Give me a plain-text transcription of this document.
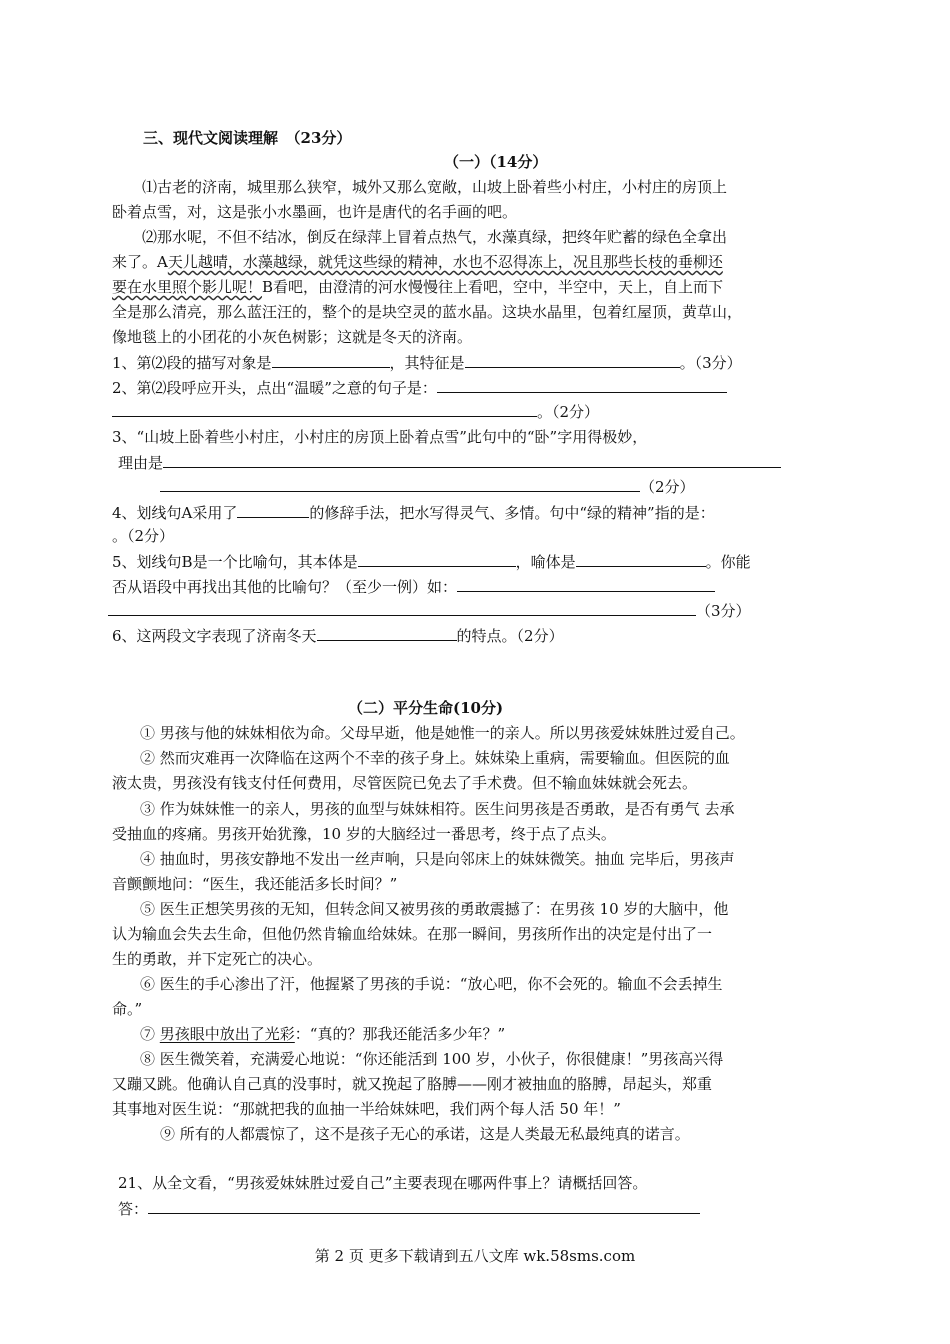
三、现代文阅读理解　（23分）
（一）（14分）
⑴古老的济南，城里那么狭窄，城外又那么宽敞，山坡上卧着些小村庄，小村庄的房顶上
卧着点雪，对，这是张小水墨画，也许是唐代的名手画的吧。
⑵那水呢，不但不结冰，倒反在绿萍上冒着点热气，水藻真绿，把终年贮蓄的绿色全拿出
来了。A天儿越晴，水藻越绿，就凭这些绿的精神，水也不忍得冻上，况且那些长枝的垂柳还
要在水里照个影儿呢！B看吧，由澄清的河水慢慢往上看吧，空中，半空中，天上，自上而下
全是那么清亮，那么蓝汪汪的，整个的是块空灵的蓝水晶。这块水晶里，包着红屋顶，黄草山，
像地毯上的小团花的小灰色树影；这就是冬天的济南。
1、第⑵段的描写对象是	，其特征是	。（3分）
2、第⑵段呼应开头，点出“温暖”之意的句子是：
。（2分）
3、“山坡上卧着些小村庄，小村庄的房顶上卧着点雪”此句中的“卧”字用得极妙，
理由是
（2分）
4、划线句A采用了	的修辞手法，把水写得灵气、多情。句中“绿的精神”指的是：
。（2分）
5、划线句B是一个比喻句，其本体是	，喻体是	。你能
否从语段中再找出其他的比喻句？（至少一例）如：
（3分）
6、这两段文字表现了济南冬天	的特点。（2分）
（二）平分生命(10分)
① 男孩与他的妹妹相依为命。父母早逝，他是她惟一的亲人。所以男孩爱妹妹胜过爱自己。
② 然而灾难再一次降临在这两个不幸的孩子身上。妹妹染上重病，需要输血。但医院的血
液太贵，男孩没有钱支付任何费用，尽管医院已免去了手术费。但不输血妹妹就会死去。
③ 作为妹妹惟一的亲人，男孩的血型与妹妹相符。医生问男孩是否勇敢，是否有勇气 去承
受抽血的疼痛。男孩开始犹豫，10 岁的大脑经过一番思考，终于点了点头。
④ 抽血时，男孩安静地不发出一丝声响，只是向邻床上的妹妹微笑。抽血 完毕后，男孩声
音颤颤地问：“医生，我还能活多长时间？”
⑤ 医生正想笑男孩的无知，但转念间又被男孩的勇敢震撼了：在男孩 10 岁的大脑中，他
认为输血会失去生命，但他仍然肯输血给妹妹。在那一瞬间，男孩所作出的决定是付出了一
生的勇敢，并下定死亡的决心。
⑥ 医生的手心渗出了汗，他握紧了男孩的手说：“放心吧，你不会死的。输血不会丢掉生
命。”
⑦ 男孩眼中放出了光彩：“真的？那我还能活多少年？”
⑧ 医生微笑着，充满爱心地说：“你还能活到 100 岁，小伙子，你很健康！”男孩高兴得
又蹦又跳。他确认自己真的没事时，就又挽起了胳膊——刚才被抽血的胳膊，昂起头，郑重
其事地对医生说：“那就把我的血抽一半给妹妹吧，我们两个每人活 50 年！”
⑨ 所有的人都震惊了，这不是孩子无心的承诺，这是人类最无私最纯真的诺言。
21、从全文看，“男孩爱妹妹胜过爱自己”主要表现在哪两件事上？请概括回答。
答：
第 2 页 更多下载请到五八文库 wk.58sms.com
